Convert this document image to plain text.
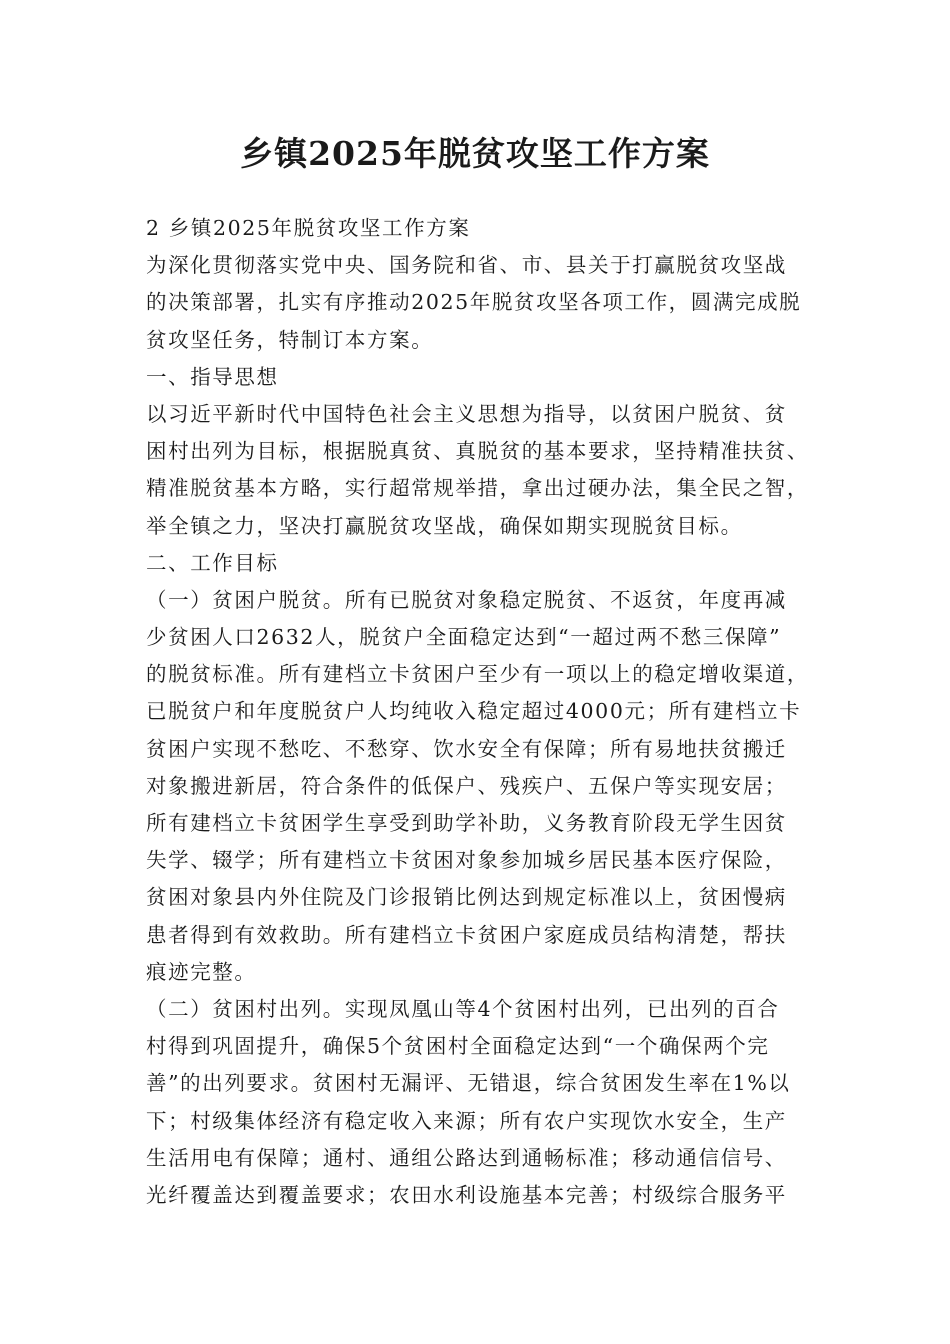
乡镇2025年脱贫攻坚工作方案
2 乡镇2025年脱贫攻坚工作方案
为深化贯彻落实党中央、国务院和省、市、县关于打赢脱贫攻坚战
的决策部署，扎实有序推动2025年脱贫攻坚各项工作，圆满完成脱
贫攻坚任务，特制订本方案。
一、指导思想
以习近平新时代中国特色社会主义思想为指导，以贫困户脱贫、贫
困村出列为目标，根据脱真贫、真脱贫的基本要求，坚持精准扶贫、
精准脱贫基本方略，实行超常规举措，拿出过硬办法，集全民之智，
举全镇之力，坚决打赢脱贫攻坚战，确保如期实现脱贫目标。
二、工作目标
（一）贫困户脱贫。所有已脱贫对象稳定脱贫、不返贫，年度再减
少贫困人口2632人，脱贫户全面稳定达到“一超过两不愁三保障”
的脱贫标准。所有建档立卡贫困户至少有一项以上的稳定增收渠道，
已脱贫户和年度脱贫户人均纯收入稳定超过4000元；所有建档立卡
贫困户实现不愁吃、不愁穿、饮水安全有保障；所有易地扶贫搬迁
对象搬进新居，符合条件的低保户、残疾户、五保户等实现安居；
所有建档立卡贫困学生享受到助学补助，义务教育阶段无学生因贫
失学、辍学；所有建档立卡贫困对象参加城乡居民基本医疗保险，
贫困对象县内外住院及门诊报销比例达到规定标准以上，贫困慢病
患者得到有效救助。所有建档立卡贫困户家庭成员结构清楚，帮扶
痕迹完整。
（二）贫困村出列。实现凤凰山等4个贫困村出列，已出列的百合
村得到巩固提升，确保5个贫困村全面稳定达到“一个确保两个完
善”的出列要求。贫困村无漏评、无错退，综合贫困发生率在1%以
下；村级集体经济有稳定收入来源；所有农户实现饮水安全，生产
生活用电有保障；通村、通组公路达到通畅标准；移动通信信号、
光纤覆盖达到覆盖要求；农田水利设施基本完善；村级综合服务平
